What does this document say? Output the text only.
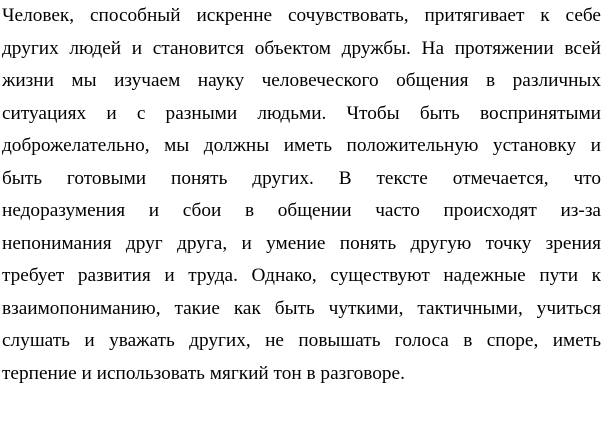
Человек, способный искренне сочувствовать, притягивает к себе
других людей и становится объектом дружбы. На протяжении всей
жизни мы изучаем науку человеческого общения в различных
ситуациях и с разными людьми. Чтобы быть воспринятыми
доброжелательно, мы должны иметь положительную установку и
быть готовыми понять других. В тексте отмечается, что
недоразумения и сбои в общении часто происходят из-за
непонимания друг друга, и умение понять другую точку зрения
требует развития и труда. Однако, существуют надежные пути к
взаимопониманию, такие как быть чуткими, тактичными, учиться
слушать и уважать других, не повышать голоса в споре, иметь
терпение и использовать мягкий тон в разговоре.
